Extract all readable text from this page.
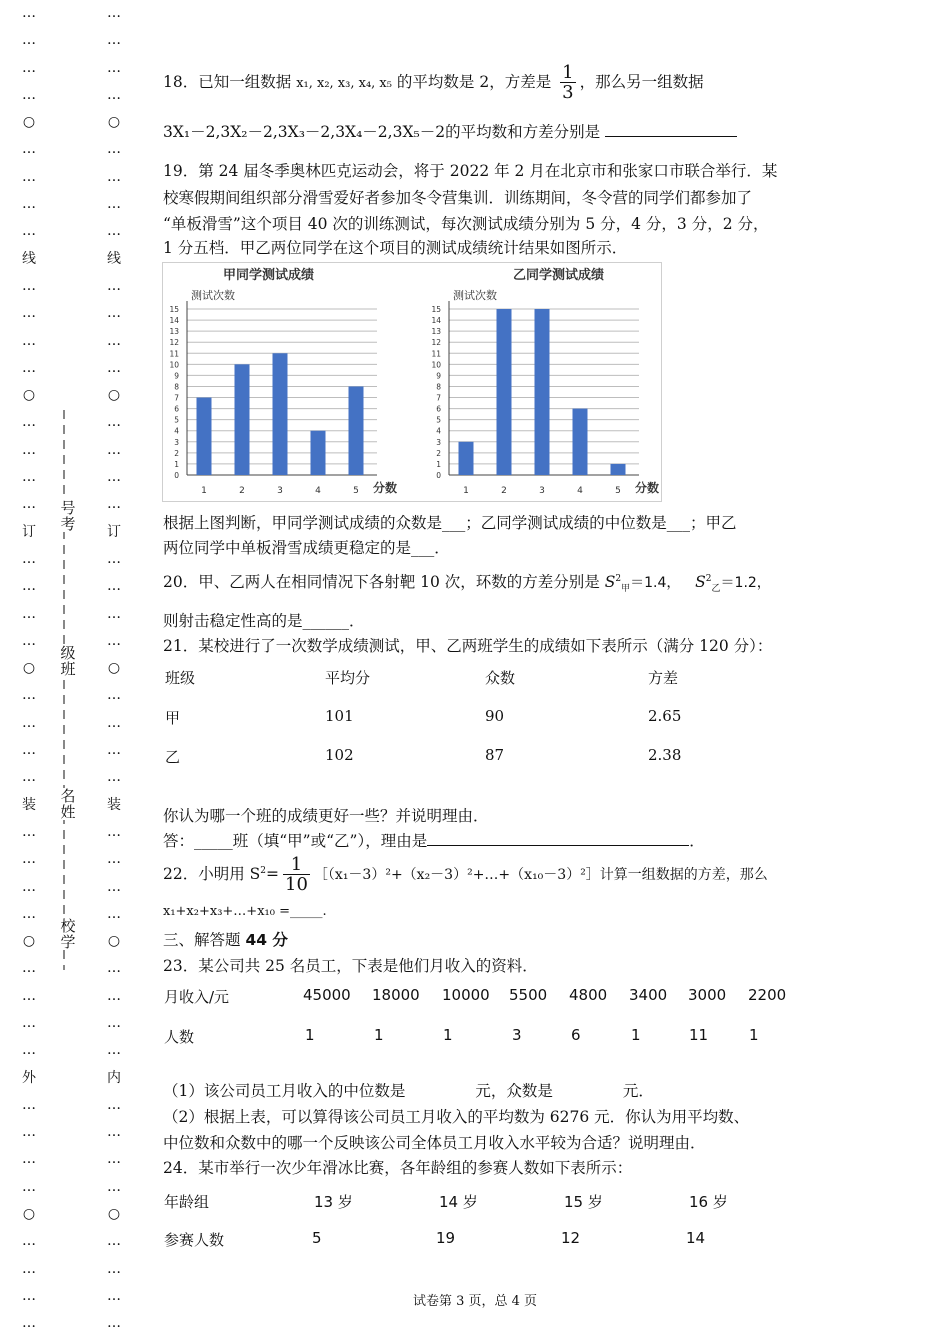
…
…
…
…
○
…
…
…
…
线
…
…
…
…
○
…
…
…
…
订
…
…
…
…
○
…
…
…
…
装
…
…
…
…
○
…
…
…
…
外
…
…
…
…
○
…
…
…
…
…
…
…
…
○
…
…
…
…
线
…
…
…
…
○
…
…
…
…
订
…
…
…
…
○
…
…
…
…
装
…
…
…
…
○
…
…
…
…
内
…
…
…
…
○
…
…
…
…
号考
级班
名姓
校学
18．已知一组数据 x₁, x₂, x₃, x₄, x₅ 的平均数是 2，方差是 $\frac{1}{3}$ ，那么另一组数据
3X₁－2,3X₂－2,3X₃－2,3X₄－2,3X₅－2的平均数和方差分别是
19．第 24 届冬季奥林匹克运动会，将于 2022 年 2 月在北京市和张家口市联合举行．某
校寒假期间组织部分滑雪爱好者参加冬令营集训．训练期间，冬令营的同学们都参加了
“单板滑雪”这个项目 40 次的训练测试，每次测试成绩分别为 5 分，4 分，3 分，2 分，
1 分五档．甲乙两位同学在这个项目的测试成绩统计结果如图所示．
甲同学测试成绩
测试次数
0
1
2
3
4
5
6
7
8
9
10
11
12
13
14
15
1	2	3	4	5 分数
乙同学测试成绩
测试次数
0
1
2
3
4
5
6
7
8
9
10
11
12
13
14
15
1	2	3	4	5 分数
根据上图判断，甲同学测试成绩的众数是___；乙同学测试成绩的中位数是___；甲乙
两位同学中单板滑雪成绩更稳定的是___．
20．甲、乙两人在相同情况下各射靶 10 次，环数的方差分别是 $S^2_甲=1.4$， $S^2_乙=1.2$，
则射击稳定性高的是______．
21．某校进行了一次数学成绩测试，甲、乙两班学生的成绩如下表所示（满分 120 分）：
班级	平均分	众数	方差
甲	101	90	2.65
乙	102	87	2.38
你认为哪一个班的成绩更好一些？并说明理由．
答：_____班（填“甲”或“乙”），理由是	．
22．小明用 $S^2= \frac{1}{10}$ ［（x₁－3）²+（x₂－3）²+…+（x₁₀－3）²］计算一组数据的方差，那么
x₁+x₂+x₃+…+x₁₀ =_____.
三、解答题 44 分
23．某公司共 25 名员工，下表是他们月收入的资料．
月收入/元	45000 18000 10000 5500 4800 3400 3000 2200
人数	1	1	1	3	6	1	11	1
（1）该公司员工月收入的中位数是	元，众数是	元．
（2）根据上表，可以算得该公司员工月收入的平均数为 6276 元．你认为用平均数、
中位数和众数中的哪一个反映该公司全体员工月收入水平较为合适？说明理由．
24．某市举行一次少年滑冰比赛，各年龄组的参赛人数如下表所示：
年龄组	13 岁	14 岁	15 岁	16 岁
参赛人数	5	19	12	14
试卷第 3 页，总 4 页
